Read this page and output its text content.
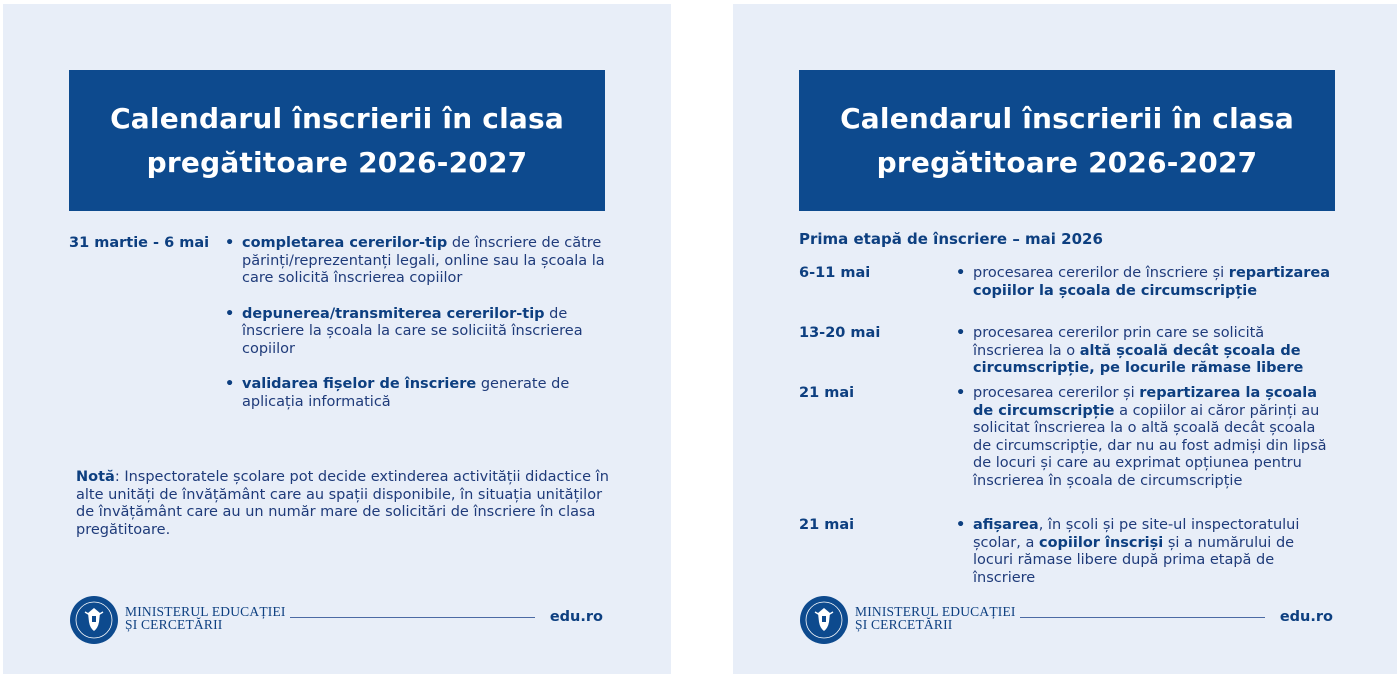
Calendarul înscrierii în clasa
pregătitoare 2026-2027
31 martie - 6 mai	• completarea cererilor-tip de înscriere de către părinți/reprezentanți legali, online sau la școala la care solicită înscrierea copiilor
• depunerea/transmiterea cererilor-tip de înscriere la școala la care se soliciită înscrierea copiilor
• validarea fișelor de înscriere generate de aplicația informatică

Notă: Inspectoratele școlare pot decide extinderea activității didactice în alte unități de învățământ care au spații disponibile, în situația unităților de învățământ care au un număr mare de solicitări de înscriere în clasa pregătitoare.

MINISTERUL EDUCAȚIEI
ȘI CERCETĂRII	edu.ro
Calendarul înscrierii în clasa
pregătitoare 2026-2027
Prima etapă de înscriere – mai 2026
6-11 mai	• procesarea cererilor de înscriere și repartizarea copiilor la școala de circumscripție
13-20 mai	• procesarea cererilor prin care se solicită înscrierea la o altă școală decât școala de circumscripție, pe locurile rămase libere
21 mai	• procesarea cererilor și repartizarea la școala de circumscripție a copiilor ai căror părinți au solicitat înscrierea la o altă școală decât școala de circumscripție, dar nu au fost admiși din lipsă de locuri și care au exprimat opțiunea pentru înscrierea în școala de circumscripție
21 mai	• afișarea, în școli și pe site-ul inspectoratului școlar, a copiilor înscriși și a numărului de locuri rămase libere după prima etapă de înscriere
MINISTERUL EDUCAȚIEI
ȘI CERCETĂRII	edu.ro
